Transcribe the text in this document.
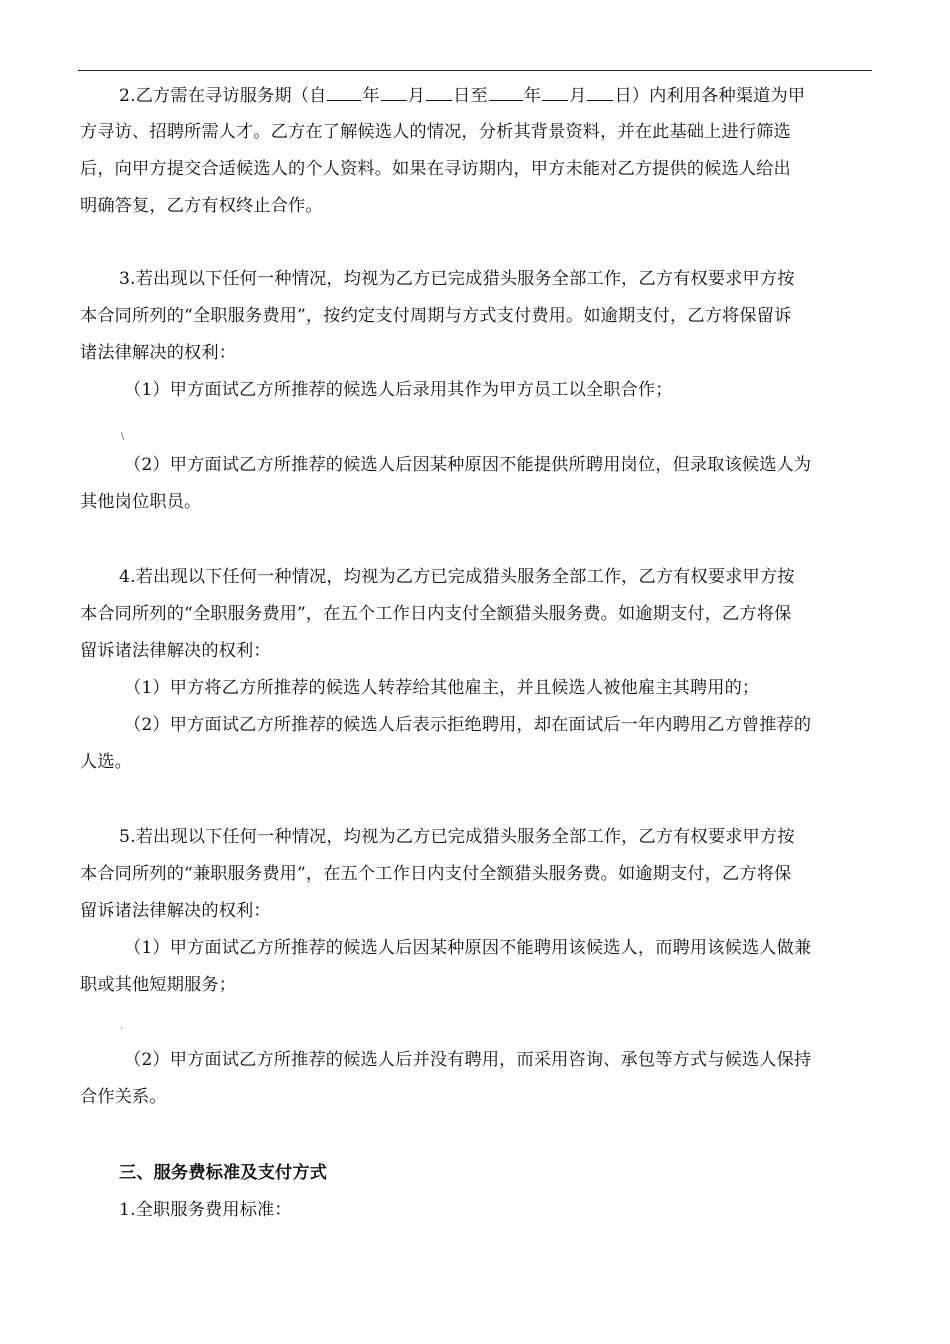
2.乙方需在寻访服务期（自 年 月 日至 年 月 日）内利用各种渠道为甲

方寻访、招聘所需人才。乙方在了解候选人的情况，分析其背景资料，并在此基础上进行筛选

后，向甲方提交合适候选人的个人资料。如果在寻访期内，甲方未能对乙方提供的候选人给出

明确答复，乙方有权终止合作。

3.若出现以下任何一种情况，均视为乙方已完成猎头服务全部工作，乙方有权要求甲方按

本合同所列的“全职服务费用”，按约定支付周期与方式支付费用。如逾期支付，乙方将保留诉

诸法律解决的权利：

（1）甲方面试乙方所推荐的候选人后录用其作为甲方员工以全职合作；

\

（2）甲方面试乙方所推荐的候选人后因某种原因不能提供所聘用岗位，但录取该候选人为

其他岗位职员。

4.若出现以下任何一种情况，均视为乙方已完成猎头服务全部工作，乙方有权要求甲方按

本合同所列的“全职服务费用”，在五个工作日内支付全额猎头服务费。如逾期支付，乙方将保

留诉诸法律解决的权利：

（1）甲方将乙方所推荐的候选人转荐给其他雇主，并且候选人被他雇主其聘用的；

（2）甲方面试乙方所推荐的候选人后表示拒绝聘用，却在面试后一年内聘用乙方曾推荐的

人选。

5.若出现以下任何一种情况，均视为乙方已完成猎头服务全部工作，乙方有权要求甲方按

本合同所列的“兼职服务费用”，在五个工作日内支付全额猎头服务费。如逾期支付，乙方将保

留诉诸法律解决的权利：

（1）甲方面试乙方所推荐的候选人后因某种原因不能聘用该候选人，而聘用该候选人做兼

职或其他短期服务；

·

（2）甲方面试乙方所推荐的候选人后并没有聘用，而采用咨询、承包等方式与候选人保持

合作关系。

三、服务费标准及支付方式

1.全职服务费用标准：
